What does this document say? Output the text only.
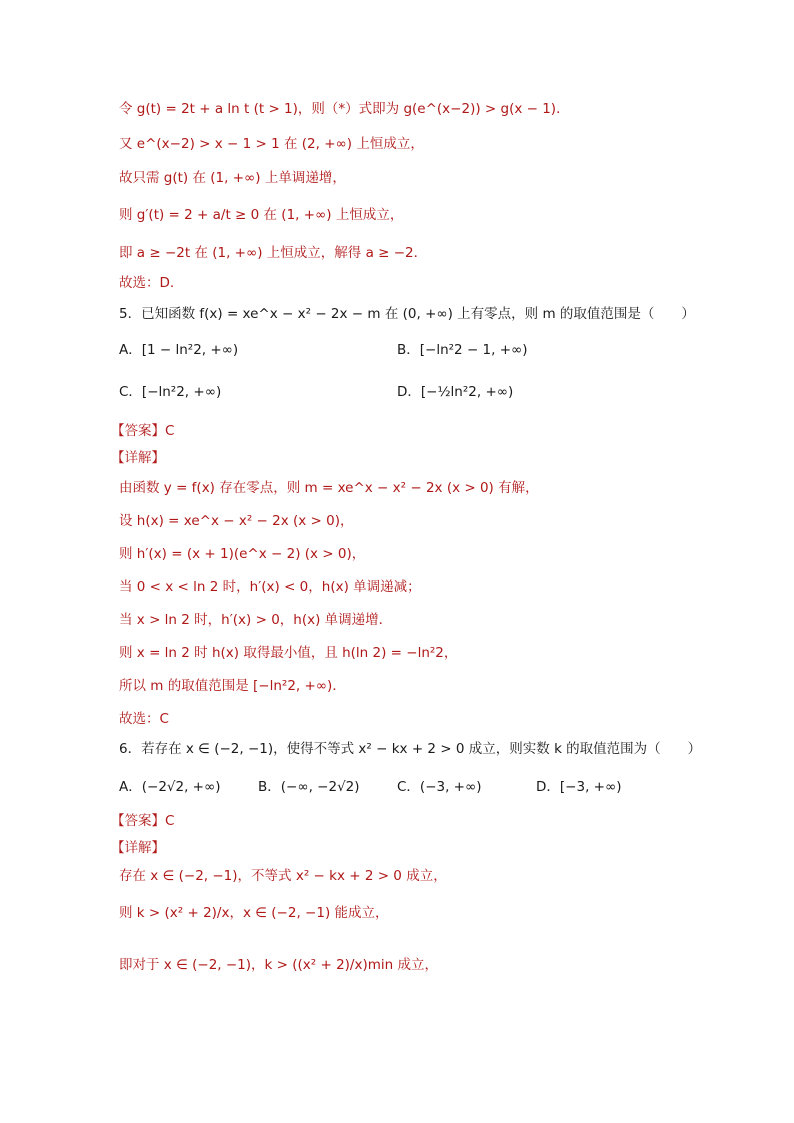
令 g(t) = 2t + a ln t (t > 1)，则（*）式即为 g(e^(x−2)) > g(x − 1)．
又 e^(x−2) > x − 1 > 1 在 (2, +∞) 上恒成立，
故只需 g(t) 在 (1, +∞) 上单调递增，
则 g′(t) = 2 + a/t ≥ 0 在 (1, +∞) 上恒成立，
即 a ≥ −2t 在 (1, +∞) 上恒成立，解得 a ≥ −2．
故选：D.
5．已知函数 f(x) = xe^x − x² − 2x − m 在 (0, +∞) 上有零点，则 m 的取值范围是（　　）
A．[1 − ln²2, +∞)	B．[−ln²2 − 1, +∞)
C．[−ln²2, +∞)	D．[−½ln²2, +∞)
【答案】C
【详解】
由函数 y = f(x) 存在零点，则 m = xe^x − x² − 2x (x > 0) 有解，
设 h(x) = xe^x − x² − 2x (x > 0)，
则 h′(x) = (x + 1)(e^x − 2) (x > 0)，
当 0 < x < ln 2 时，h′(x) < 0，h(x) 单调递减；
当 x > ln 2 时，h′(x) > 0，h(x) 单调递增．
则 x = ln 2 时 h(x) 取得最小值，且 h(ln 2) = −ln²2，
所以 m 的取值范围是 [−ln²2, +∞)．
故选：C
6．若存在 x ∈ (−2, −1)，使得不等式 x² − kx + 2 > 0 成立，则实数 k 的取值范围为（　　）
A．(−2√2, +∞)	B．(−∞, −2√2)	C．(−3, +∞)	D．[−3, +∞)
【答案】C
【详解】
存在 x ∈ (−2, −1)，不等式 x² − kx + 2 > 0 成立，
则 k > (x² + 2)/x，x ∈ (−2, −1) 能成立，
即对于 x ∈ (−2, −1)，k > ((x² + 2)/x)min 成立，
